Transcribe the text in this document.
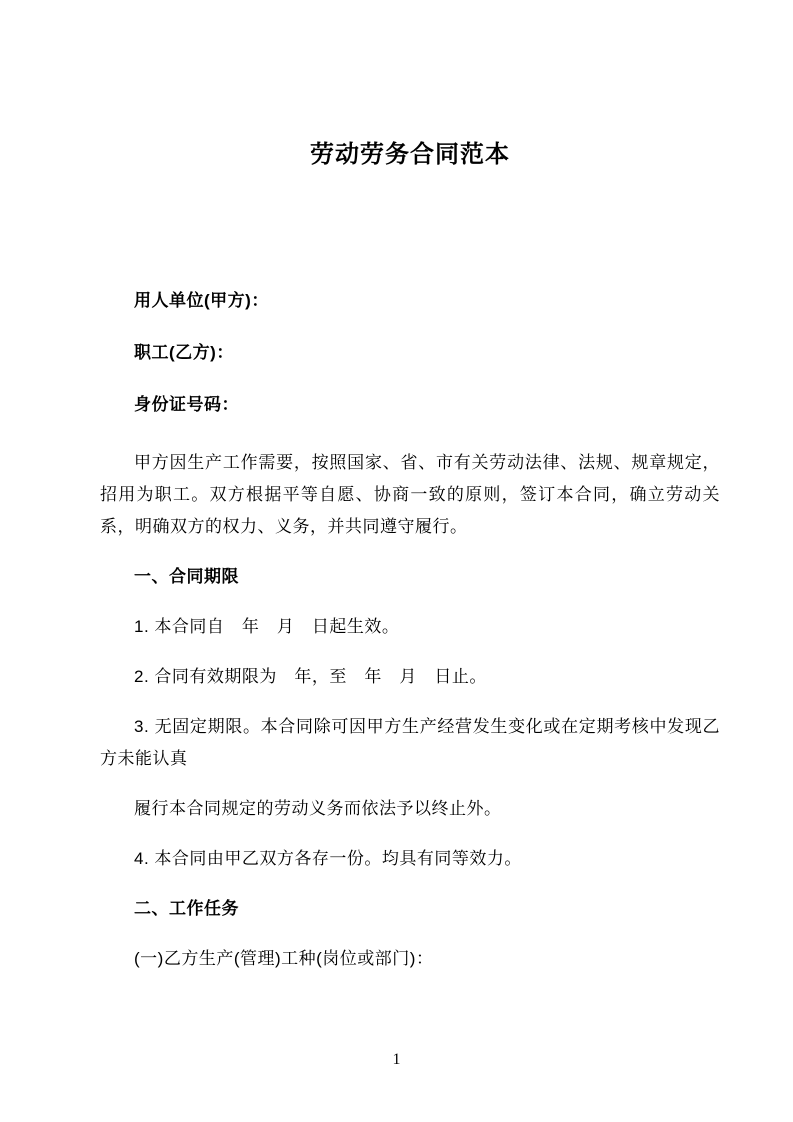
劳动劳务合同范本
用人单位(甲方)：
职工(乙方)：
身份证号码：
甲方因生产工作需要，按照国家、省、市有关劳动法律、法规、规章规定，招用为职工。双方根据平等自愿、协商一致的原则，签订本合同，确立劳动关系，明确双方的权力、义务，并共同遵守履行。
一、合同期限
1. 本合同自　年　月　日起生效。
2. 合同有效期限为　年，至　年　月　日止。
3. 无固定期限。本合同除可因甲方生产经营发生变化或在定期考核中发现乙方未能认真
履行本合同规定的劳动义务而依法予以终止外。
4. 本合同由甲乙双方各存一份。均具有同等效力。
二、工作任务
(一)乙方生产(管理)工种(岗位或部门)：
1
